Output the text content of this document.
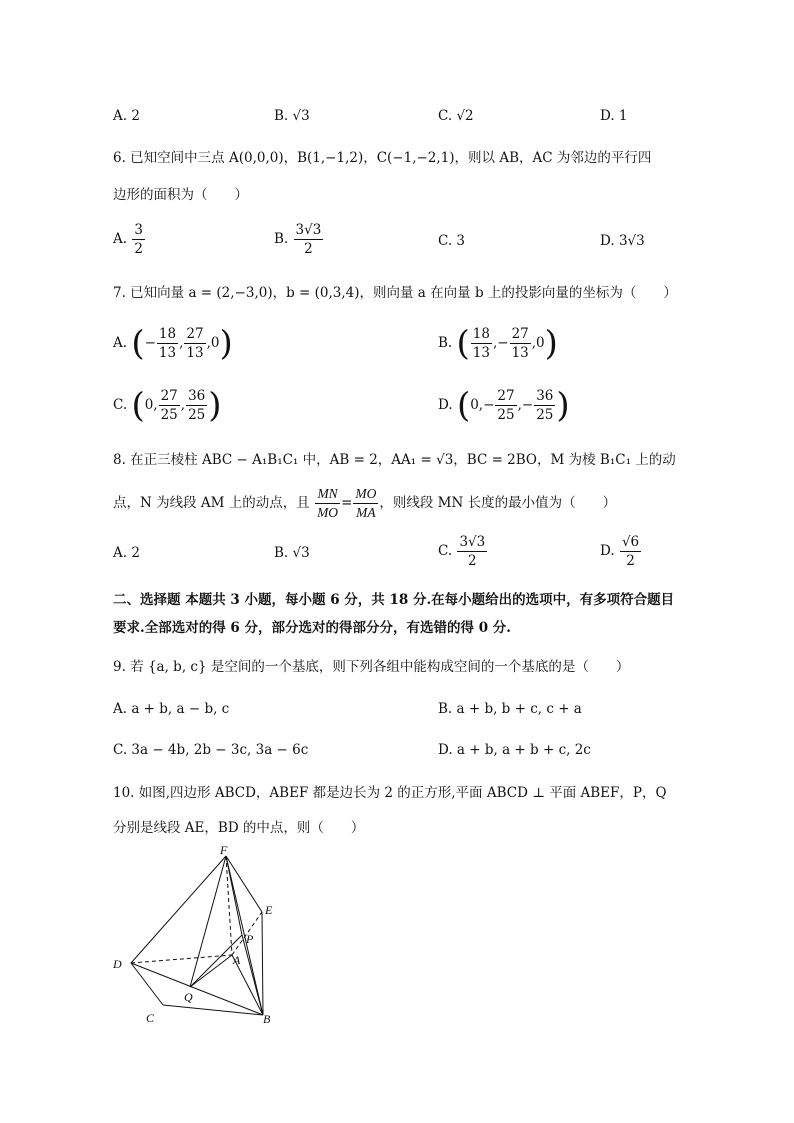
A. 2	B. √3	C. √2	D. 1
6. 已知空间中三点 A(0,0,0)，B(1,−1,2)，C(−1,−2,1)，则以 AB，AC 为邻边的平行四
边形的面积为（　　）
A. $\frac{3}{2}$	B. $\frac{3√3}{2}$	C. 3	D. 3√3
7. 已知向量 a = (2,−3,0)，b = (0,3,4)，则向量 a 在向量 b 上的投影向量的坐标为（　　）
A. (− $\frac{18}{13}$ , $\frac{27}{13} ,0$)	B. ( $\frac{18}{13}$ ,− $\frac{27}{13} ,0$)
C. (0, $\frac{27}{25}$ , $\frac{36}{25}$ )	D. ($0,- \frac{27}{25}$ ,− $\frac{36}{25}$ )
8. 在正三棱柱 ABC − A₁B₁C₁ 中，AB = 2，AA₁ = √3，BC = 2BO，M 为棱 B₁C₁ 上的动
点，N 为线段 AM 上的动点，且 $\frac{MN}{MO} = \frac{MO}{MA}$ ，则线段 MN 长度的最小值为（　　）
A. 2	B. √3	C. $\frac{3√3}{2}$	D. $\frac{√6}{2}$
二、选择题 本题共 3 小题，每小题 6 分，共 18 分.在每小题给出的选项中，有多项符合题目
要求.全部选对的得 6 分，部分选对的得部分分，有选错的得 0 分.
9. 若 {a, b, c} 是空间的一个基底，则下列各组中能构成空间的一个基底的是（　　）
A. a + b, a − b, c	B. a + b, b + c, c + a
C. 3a − 4b, 2b − 3c, 3a − 6c	D. a + b, a + b + c, 2c
10. 如图,四边形 ABCD，ABEF 都是边长为 2 的正方形,平面 ABCD ⊥ 平面 ABEF，P，Q
分别是线段 AE，BD 的中点，则（　　）
F
E
P
A
D
Q
C	B
